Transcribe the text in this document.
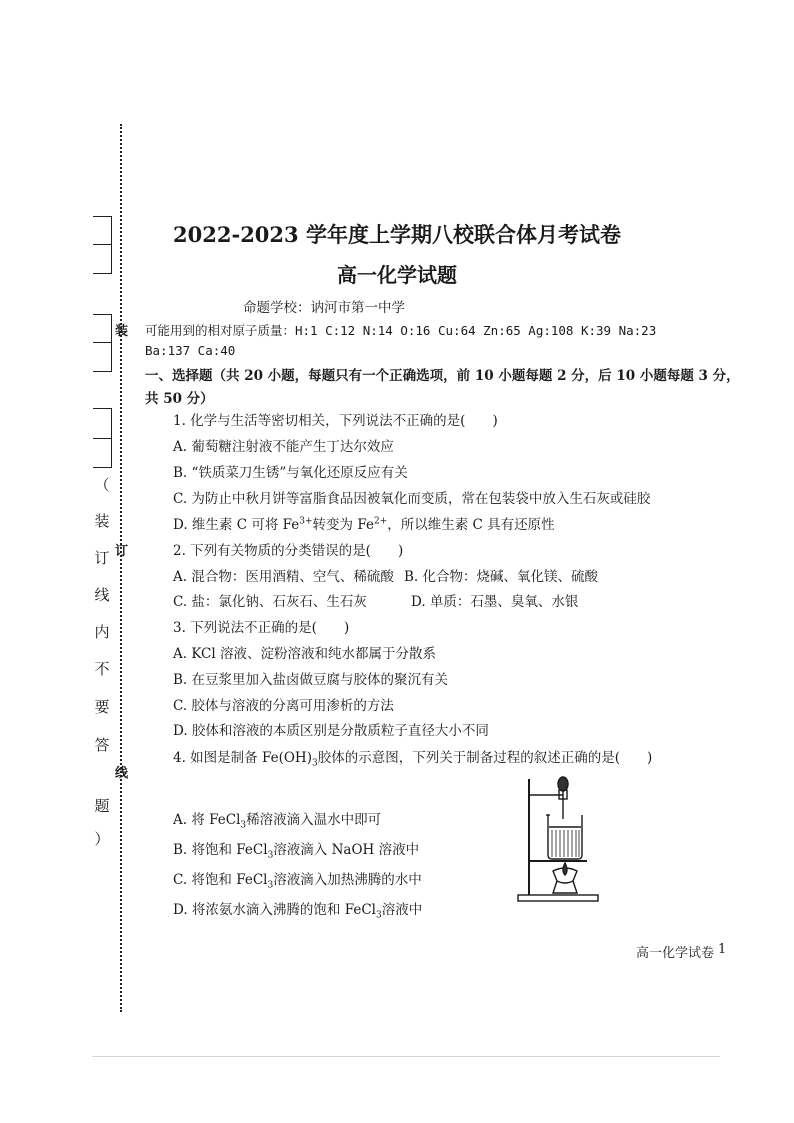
装
订
线
（
装
订
线
内
不
要
答
题
）
2022-2023 学年度上学期八校联合体月考试卷
高一化学试题
命题学校：讷河市第一中学
可能用到的相对原子质量：H:1 C:12 N:14 O:16 Cu:64 Zn:65 Ag:108 K:39 Na:23
Ba:137 Ca:40
一、选择题（共 20 小题，每题只有一个正确选项，前 10 小题每题 2 分，后 10 小题每题 3 分，
共 50 分）
1. 化学与生活等密切相关，下列说法不正确的是(　　)
A. 葡萄糖注射液不能产生丁达尔效应
B. “铁质菜刀生锈”与氧化还原反应有关
C. 为防止中秋月饼等富脂食品因被氧化而变质，常在包装袋中放入生石灰或硅胶
D. 维生素 C 可将 $Fe^{3+}$转变为 $Fe^{2+}$，所以维生素 C 具有还原性
2. 下列有关物质的分类错误的是(　　)
A. 混合物：医用酒精、空气、稀硫酸 B. 化合物：烧碱、氧化镁、硫酸
C. 盐：氯化钠、石灰石、生石灰	D. 单质：石墨、臭氧、水银
3. 下列说法不正确的是(　　)
A. KCl 溶液、淀粉溶液和纯水都属于分散系
B. 在豆浆里加入盐卤做豆腐与胶体的聚沉有关
C. 胶体与溶液的分离可用渗析的方法
D. 胶体和溶液的本质区别是分散质粒子直径大小不同
4. 如图是制备 $Fe(OH)_3$胶体的示意图，下列关于制备过程的叙述正确的是(　　)
A. 将 FeCl$_3$稀溶液滴入温水中即可
B. 将饱和 FeCl$_3$溶液滴入 NaOH 溶液中
C. 将饱和 FeCl$_3$溶液滴入加热沸腾的水中
D. 将浓氨水滴入沸腾的饱和 FeCl$_3$溶液中
高一化学试卷 1
